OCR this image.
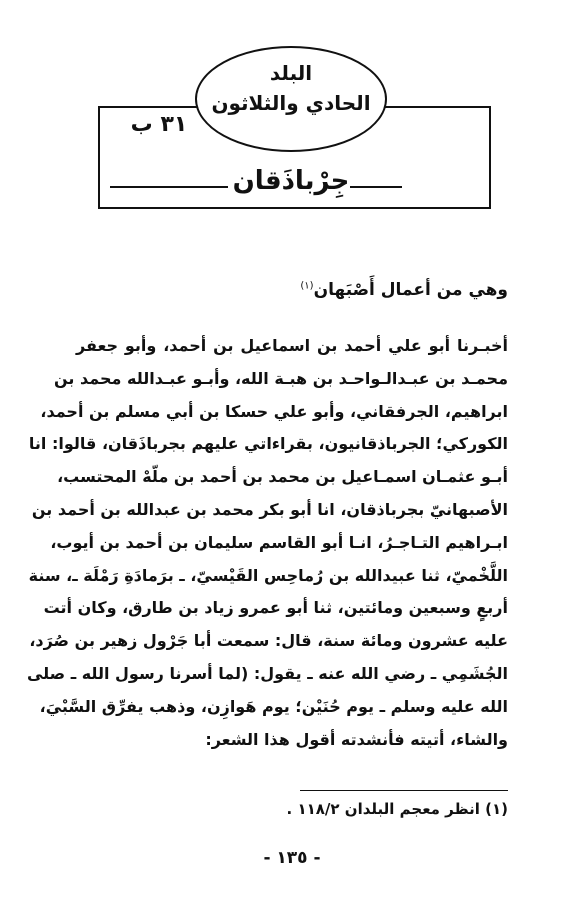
البلد
الحادي والثلاثون
٣١ ب
جِرْباذَقان
وهي من أعمال أَصْبَهان$^{(١)}$
أخبـرنا أبو علي أحمد بن اسماعيل بن أحمد، وأبو جعفر
محمـد بن عبـدالـواحـد بن هبـة الله، وأبـو عبـدالله محمد بن
ابراهيم، الجرفقاني، وأبو علي حسكا بن أبي مسلم بن أحمد،
الكوركي؛ الجرباذقانيون، بقراءاتي عليهم بجرباذَقان، قالوا: انا
أبـو عثمـان اسمـاعيل بن محمد بن أحمد بن ملّهْ المحتسب،
الأصبهانيّ بجرباذقان، انا أبو بكر محمد بن عبدالله بن أحمد بن
ابـراهيم التـاجـرُ، انـا أبو القاسم سليمان بن أحمد بن أيوب،
اللَّخْميّ، ثنا عبيدالله بن رُماحِس القَيْسيّ، ـ برَمادَةِ رَمْلَة ـ، سنة
أربعٍ وسبعين ومائتين، ثنا أبو عمرو زياد بن طارق، وكان أتت
عليه عشرون ومائة سنة، قال: سمعت أبا جَرْول زهير بن صُرَد،
الجُشَمِي ـ رضي الله عنه ـ يقول: (لما أسرنا رسول الله ـ صلى
الله عليه وسلم ـ يوم حُنَيْن؛ يوم هَوازِن، وذهب يفرِّق السَّبْيَ،
والشاء، أتيته فأنشدته أقول هذا الشعر:
(١) انظر معجم البلدان ١١٨/٢ .
- ١٣٥ -
